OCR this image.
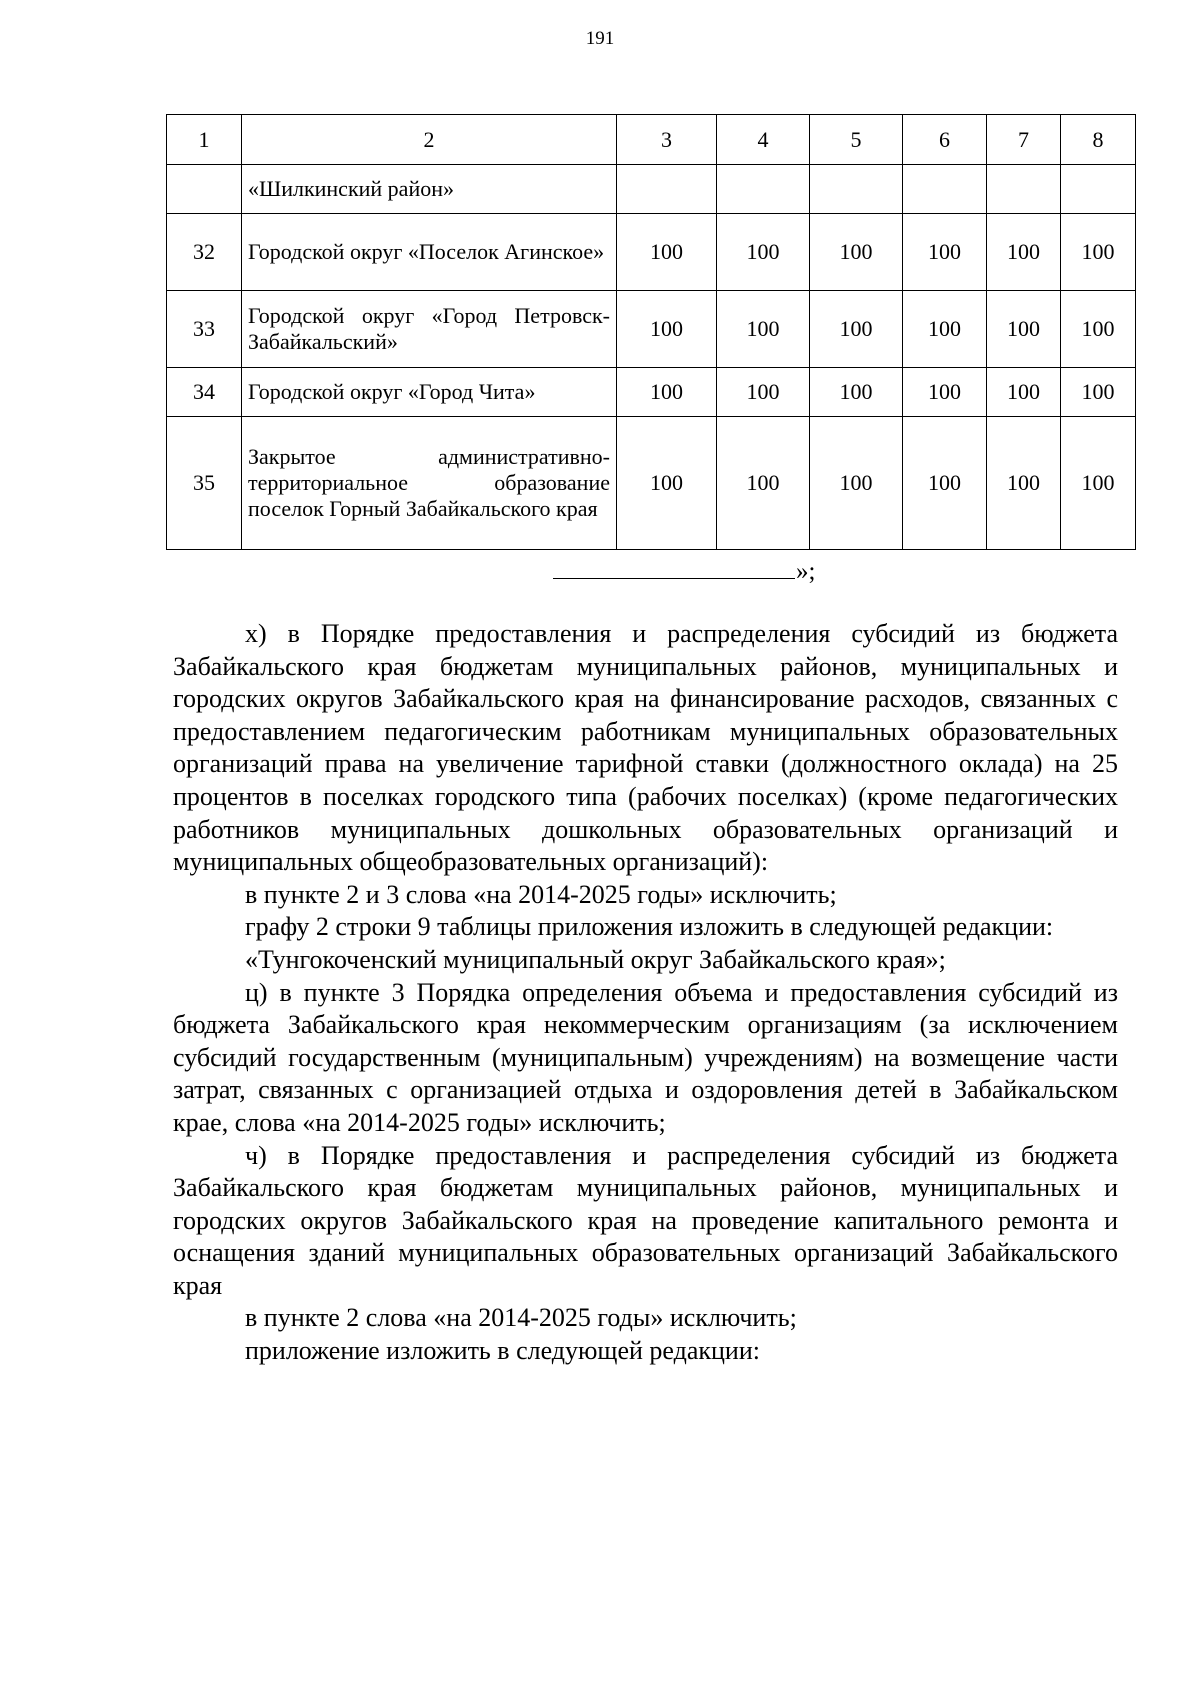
191
1	2	3	4	5	6	7	8
	«Шилкинский район»						
32	Городской округ «Поселок Агинское»	100	100	100	100	100	100
33	Городской округ «Город Петровск-Забайкальский»	100	100	100	100	100	100
34	Городской округ «Город Чита»	100	100	100	100	100	100
35	Закрытое административно-территориальное образование поселок Горный Забайкальского края	100	100	100	100	100	100
»;

х) в Порядке предоставления и распределения субсидий из бюджета Забайкальского края бюджетам муниципальных районов, муниципальных и городских округов Забайкальского края на финансирование расходов, связанных с предоставлением педагогическим работникам муниципальных образовательных организаций права на увеличение тарифной ставки (должностного оклада) на 25 процентов в поселках городского типа (рабочих поселках) (кроме педагогических работников муниципальных дошкольных образовательных организаций и муниципальных общеобразовательных организаций):

в пункте 2 и 3 слова «на 2014-2025 годы» исключить;

графу 2 строки 9 таблицы приложения изложить в следующей редакции:

«Тунгокоченский муниципальный округ Забайкальского края»;

ц) в пункте 3 Порядка определения объема и предоставления субсидий из бюджета Забайкальского края некоммерческим организациям (за исключением субсидий государственным (муниципальным) учреждениям) на возмещение части затрат, связанных с организацией отдыха и оздоровления детей в Забайкальском крае, слова «на 2014-2025 годы» исключить;

ч) в Порядке предоставления и распределения субсидий из бюджета Забайкальского края бюджетам муниципальных районов, муниципальных и городских округов Забайкальского края на проведение капитального ремонта и оснащения зданий муниципальных образовательных организаций Забайкальского края

в пункте 2 слова «на 2014-2025 годы» исключить;

приложение изложить в следующей редакции:
